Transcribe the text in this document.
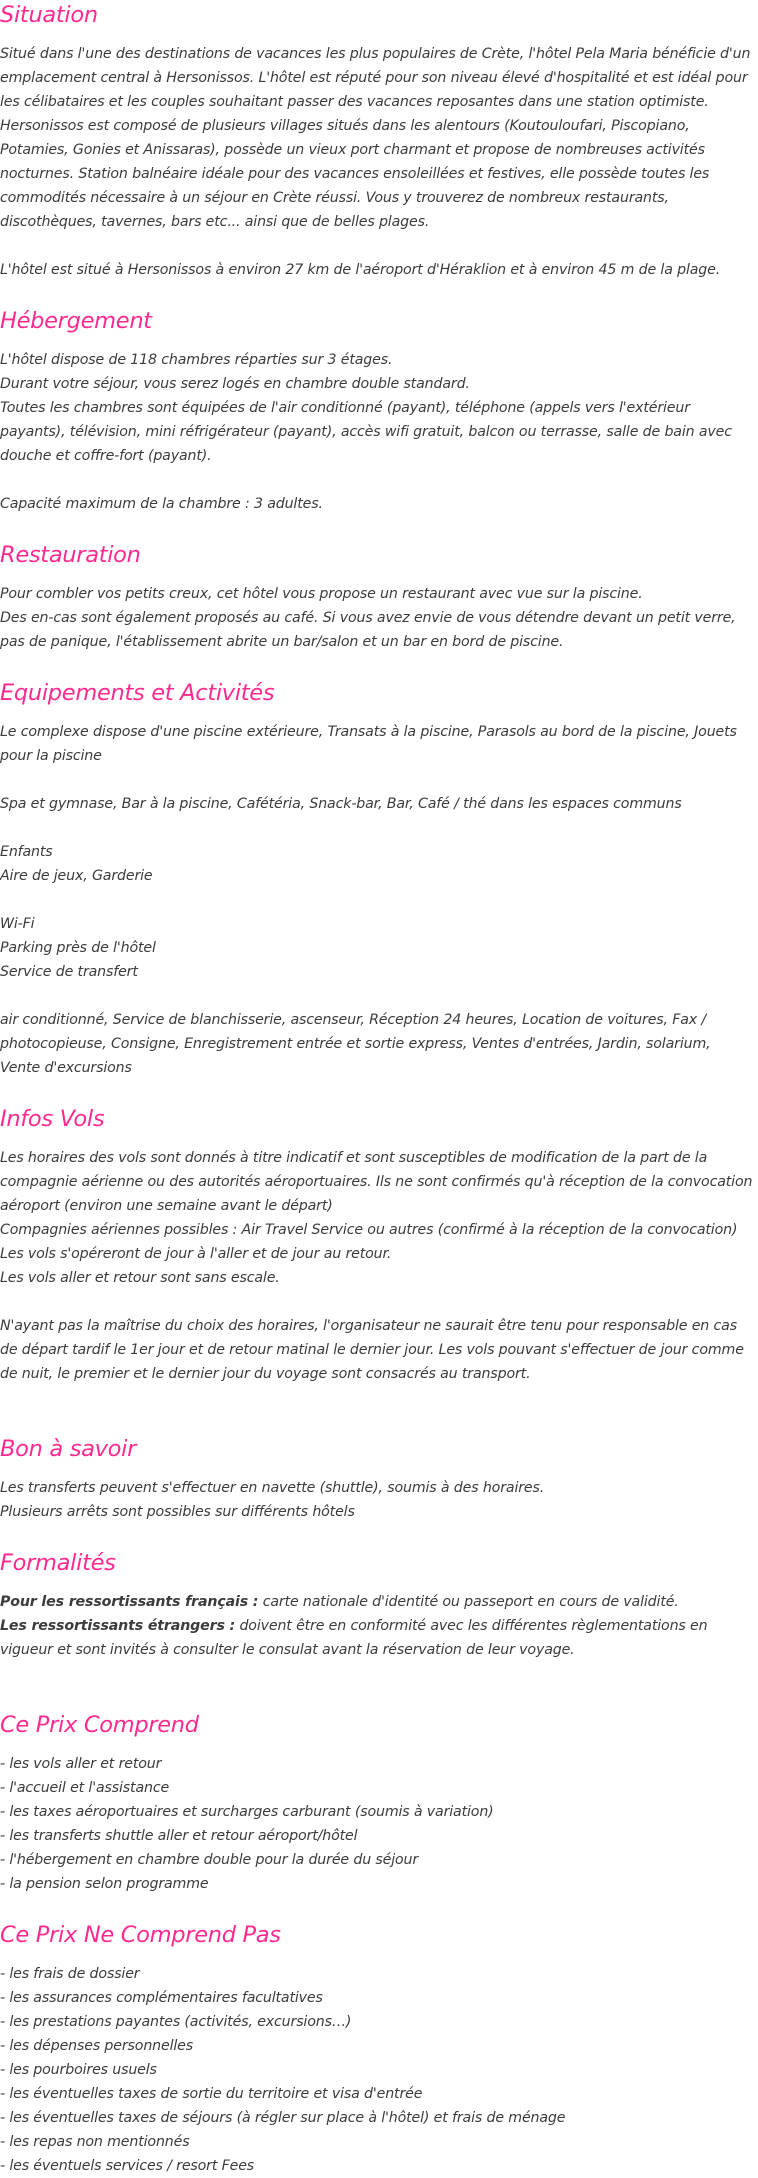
Situation

Situé dans l'une des destinations de vacances les plus populaires de Crète, l'hôtel Pela Maria bénéficie d'un emplacement central à Hersonissos. L'hôtel est réputé pour son niveau élevé d'hospitalité et est idéal pour les célibataires et les couples souhaitant passer des vacances reposantes dans une station optimiste.

Hersonissos est composé de plusieurs villages situés dans les alentours (Koutouloufari, Piscopiano, Potamies, Gonies et Anissaras), possède un vieux port charmant et propose de nombreuses activités nocturnes. Station balnéaire idéale pour des vacances ensoleillées et festives, elle possède toutes les commodités nécessaire à un séjour en Crète réussi. Vous y trouverez de nombreux restaurants, discothèques, tavernes, bars etc... ainsi que de belles plages.

L'hôtel est situé à Hersonissos à environ 27 km de l'aéroport d'Héraklion et à environ 45 m de la plage.

Hébergement

L'hôtel dispose de 118 chambres réparties sur 3 étages.

Durant votre séjour, vous serez logés en chambre double standard.

Toutes les chambres sont équipées de l'air conditionné (payant), téléphone (appels vers l'extérieur payants), télévision, mini réfrigérateur (payant), accès wifi gratuit, balcon ou terrasse, salle de bain avec douche et coffre-fort (payant).

Capacité maximum de la chambre : 3 adultes.

Restauration

Pour combler vos petits creux, cet hôtel vous propose un restaurant avec vue sur la piscine.

Des en-cas sont également proposés au café. Si vous avez envie de vous détendre devant un petit verre, pas de panique, l'établissement abrite un bar/salon et un bar en bord de piscine.

Equipements et Activités

Le complexe dispose d'une piscine extérieure, Transats à la piscine, Parasols au bord de la piscine, Jouets pour la piscine

Spa et gymnase, Bar à la piscine, Cafétéria, Snack-bar, Bar, Café / thé dans les espaces communs

Enfants

Aire de jeux, Garderie

Wi-Fi

Parking près de l'hôtel

Service de transfert

air conditionné, Service de blanchisserie, ascenseur, Réception 24 heures, Location de voitures, Fax / photocopieuse, Consigne, Enregistrement entrée et sortie express, Ventes d'entrées, Jardin, solarium, Vente d'excursions

Infos Vols

Les horaires des vols sont donnés à titre indicatif et sont susceptibles de modification de la part de la compagnie aérienne ou des autorités aéroportuaires. Ils ne sont confirmés qu'à réception de la convocation aéroport (environ une semaine avant le départ)

Compagnies aériennes possibles : Air Travel Service ou autres (confirmé à la réception de la convocation)

Les vols s'opéreront de jour à l'aller et de jour au retour.

Les vols aller et retour sont sans escale.

N'ayant pas la maîtrise du choix des horaires, l'organisateur ne saurait être tenu pour responsable en cas de départ tardif le 1er jour et de retour matinal le dernier jour. Les vols pouvant s'effectuer de jour comme de nuit, le premier et le dernier jour du voyage sont consacrés au transport.

Bon à savoir

Les transferts peuvent s'effectuer en navette (shuttle), soumis à des horaires.

Plusieurs arrêts sont possibles sur différents hôtels

Formalités

Pour les ressortissants français : carte nationale d'identité ou passeport en cours de validité.

Les ressortissants étrangers : doivent être en conformité avec les différentes règlementations en vigueur et sont invités à consulter le consulat avant la réservation de leur voyage.

Ce Prix Comprend

- les vols aller et retour

- l'accueil et l'assistance

- les taxes aéroportuaires et surcharges carburant (soumis à variation)

- les transferts shuttle aller et retour aéroport/hôtel

- l'hébergement en chambre double pour la durée du séjour

- la pension selon programme

Ce Prix Ne Comprend Pas

- les frais de dossier

- les assurances complémentaires facultatives

- les prestations payantes (activités, excursions…)

- les dépenses personnelles

- les pourboires usuels

- les éventuelles taxes de sortie du territoire et visa d'entrée

- les éventuelles taxes de séjours (à régler sur place à l'hôtel) et frais de ménage

- les repas non mentionnés

- les éventuels services / resort Fees
